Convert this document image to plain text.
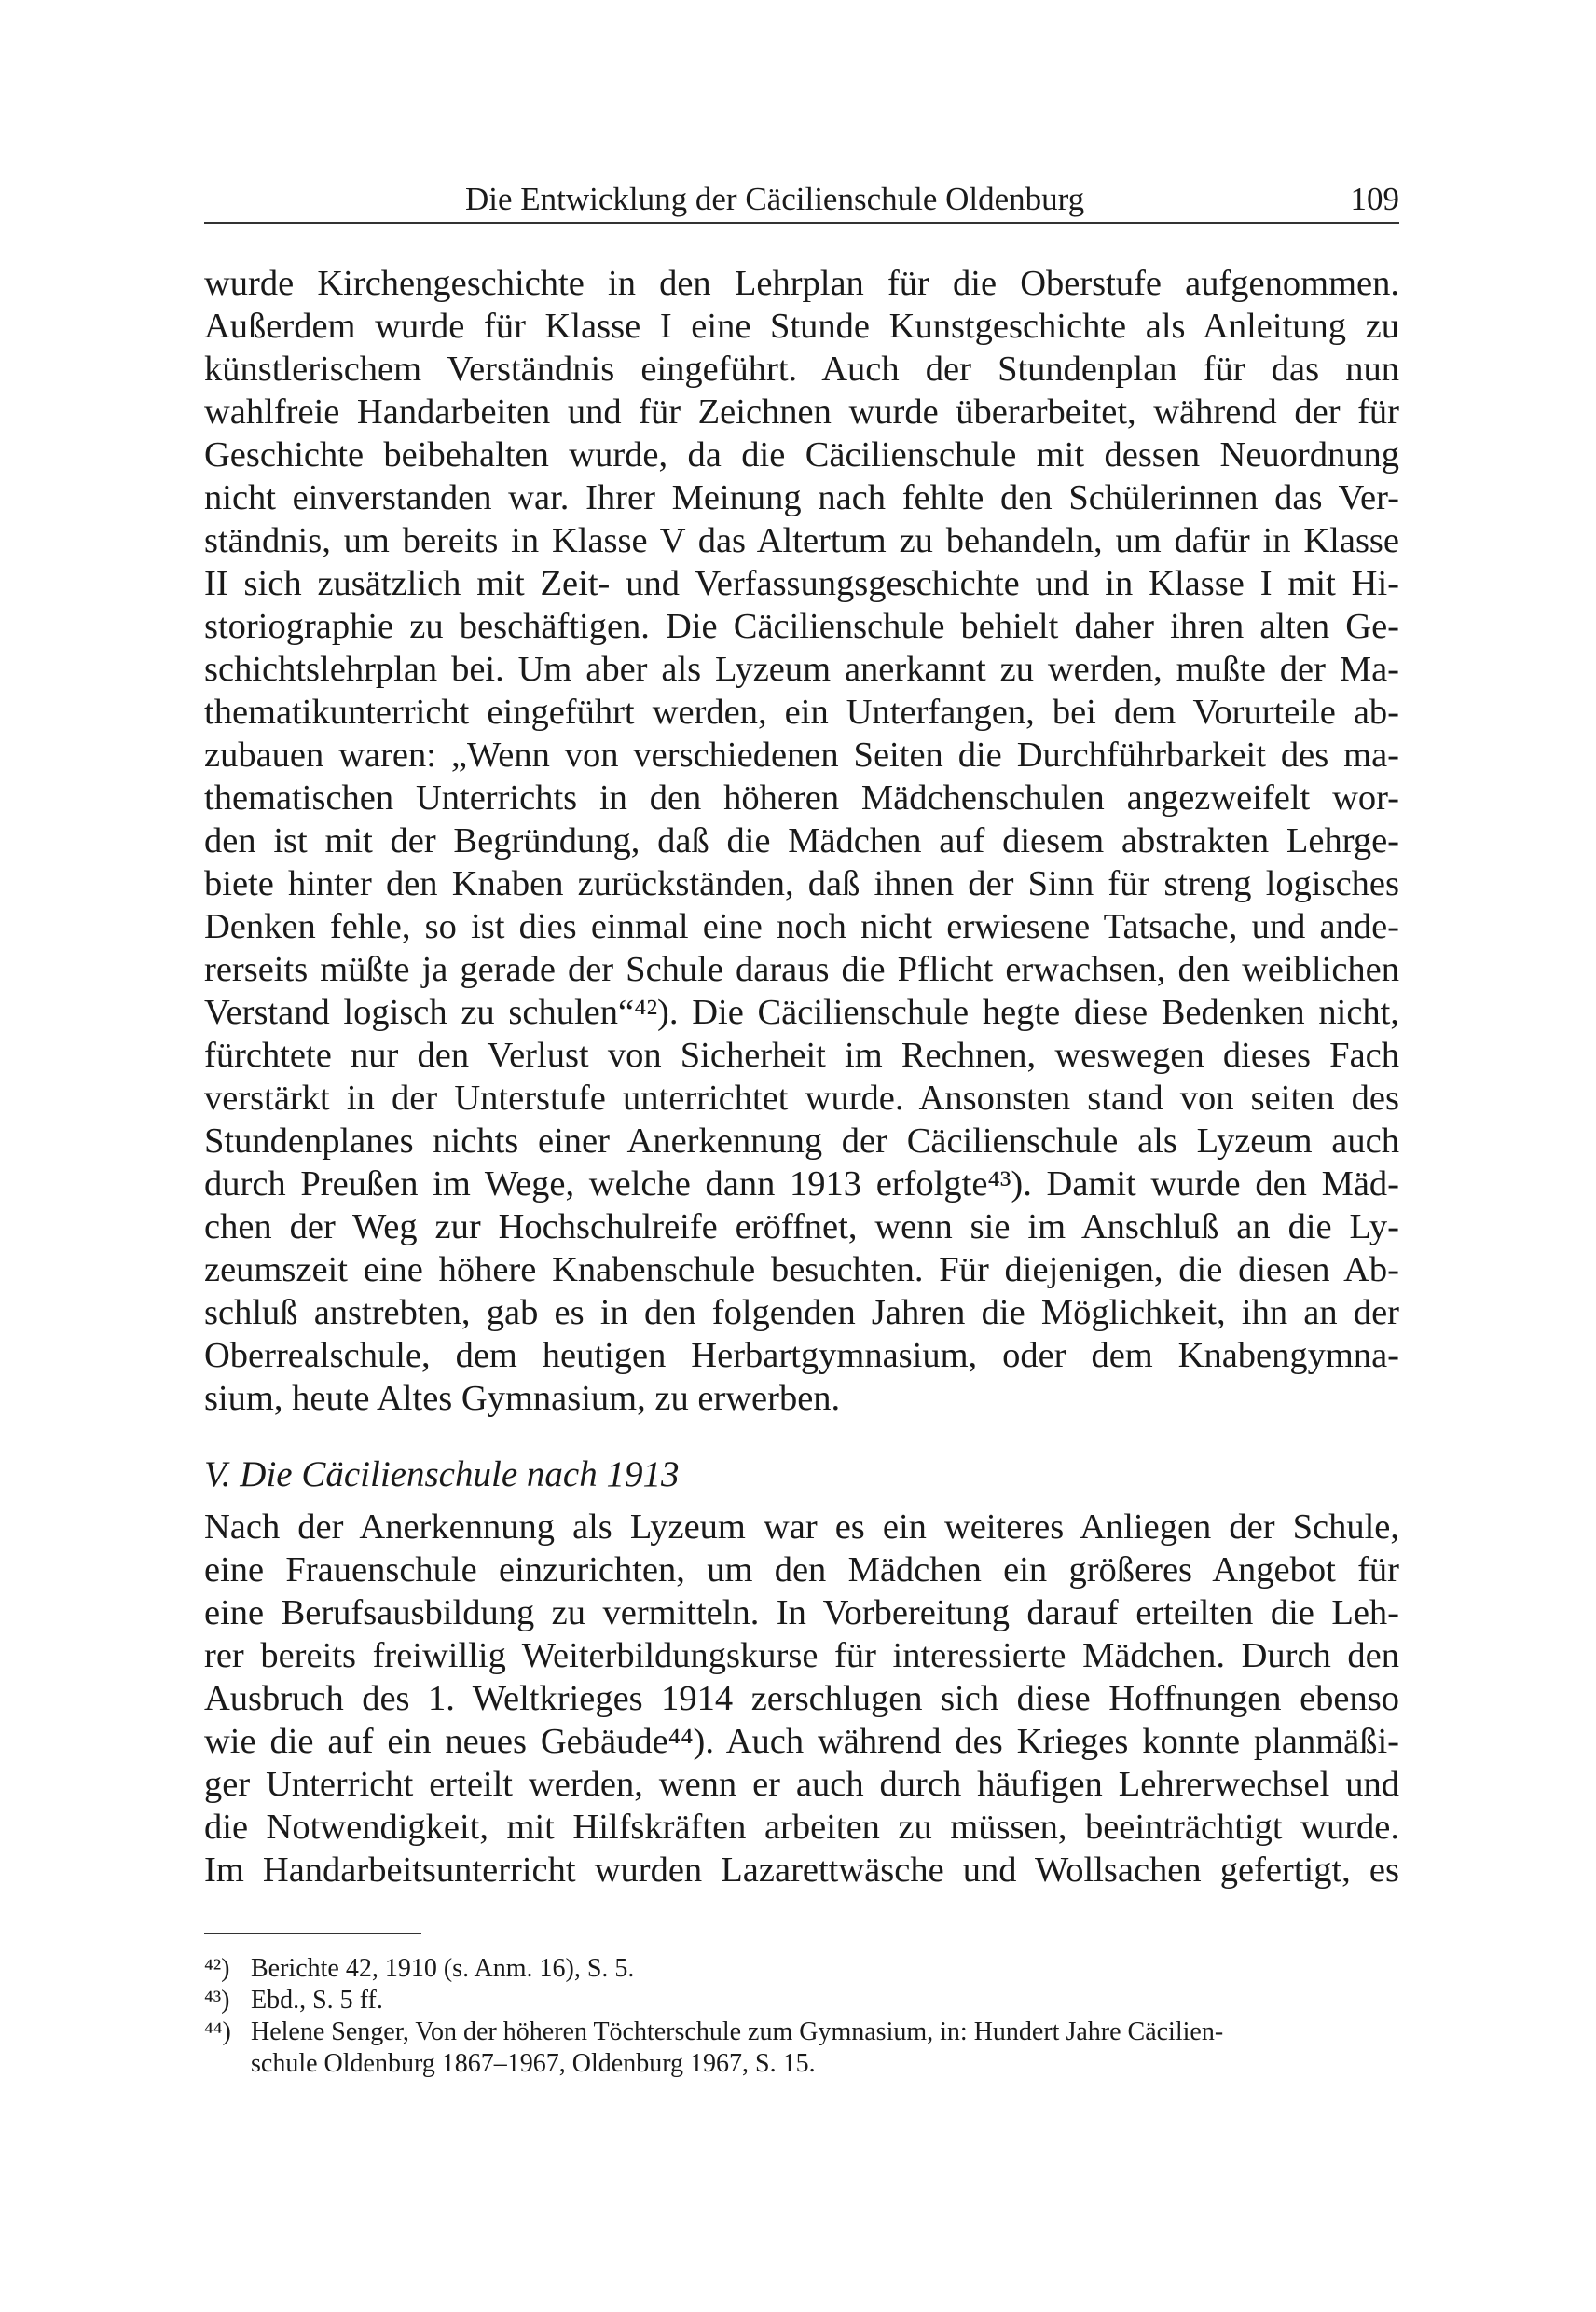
Die Entwicklung der Cäcilienschule Oldenburg	109
wurde Kirchengeschichte in den Lehrplan für die Oberstufe aufgenommen.
Außerdem wurde für Klasse I eine Stunde Kunstgeschichte als Anleitung zu
künstlerischem Verständnis eingeführt. Auch der Stundenplan für das nun
wahlfreie Handarbeiten und für Zeichnen wurde überarbeitet, während der für
Geschichte beibehalten wurde, da die Cäcilienschule mit dessen Neuordnung
nicht einverstanden war. Ihrer Meinung nach fehlte den Schülerinnen das Ver-
ständnis, um bereits in Klasse V das Altertum zu behandeln, um dafür in Klasse
II sich zusätzlich mit Zeit- und Verfassungsgeschichte und in Klasse I mit Hi-
storiographie zu beschäftigen. Die Cäcilienschule behielt daher ihren alten Ge-
schichtslehrplan bei. Um aber als Lyzeum anerkannt zu werden, mußte der Ma-
thematikunterricht eingeführt werden, ein Unterfangen, bei dem Vorurteile ab-
zubauen waren: „Wenn von verschiedenen Seiten die Durchführbarkeit des ma-
thematischen Unterrichts in den höheren Mädchenschulen angezweifelt wor-
den ist mit der Begründung, daß die Mädchen auf diesem abstrakten Lehrge-
biete hinter den Knaben zurückständen, daß ihnen der Sinn für streng logisches
Denken fehle, so ist dies einmal eine noch nicht erwiesene Tatsache, und ande-
rerseits müßte ja gerade der Schule daraus die Pflicht erwachsen, den weiblichen
Verstand logisch zu schulen“⁴²). Die Cäcilienschule hegte diese Bedenken nicht,
fürchtete nur den Verlust von Sicherheit im Rechnen, weswegen dieses Fach
verstärkt in der Unterstufe unterrichtet wurde. Ansonsten stand von seiten des
Stundenplanes nichts einer Anerkennung der Cäcilienschule als Lyzeum auch
durch Preußen im Wege, welche dann 1913 erfolgte⁴³). Damit wurde den Mäd-
chen der Weg zur Hochschulreife eröffnet, wenn sie im Anschluß an die Ly-
zeumszeit eine höhere Knabenschule besuchten. Für diejenigen, die diesen Ab-
schluß anstrebten, gab es in den folgenden Jahren die Möglichkeit, ihn an der
Oberrealschule, dem heutigen Herbartgymnasium, oder dem Knabengymna-
sium, heute Altes Gymnasium, zu erwerben.
V. Die Cäcilienschule nach 1913
Nach der Anerkennung als Lyzeum war es ein weiteres Anliegen der Schule,
eine Frauenschule einzurichten, um den Mädchen ein größeres Angebot für
eine Berufsausbildung zu vermitteln. In Vorbereitung darauf erteilten die Leh-
rer bereits freiwillig Weiterbildungskurse für interessierte Mädchen. Durch den
Ausbruch des 1. Weltkrieges 1914 zerschlugen sich diese Hoffnungen ebenso
wie die auf ein neues Gebäude⁴⁴). Auch während des Krieges konnte planmäßi-
ger Unterricht erteilt werden, wenn er auch durch häufigen Lehrerwechsel und
die Notwendigkeit, mit Hilfskräften arbeiten zu müssen, beeinträchtigt wurde.
Im Handarbeitsunterricht wurden Lazarettwäsche und Wollsachen gefertigt, es
⁴²) Berichte 42, 1910 (s. Anm. 16), S. 5.
⁴³) Ebd., S. 5 ff.
⁴⁴) Helene Senger, Von der höheren Töchterschule zum Gymnasium, in: Hundert Jahre Cäcilien-
schule Oldenburg 1867–1967, Oldenburg 1967, S. 15.
